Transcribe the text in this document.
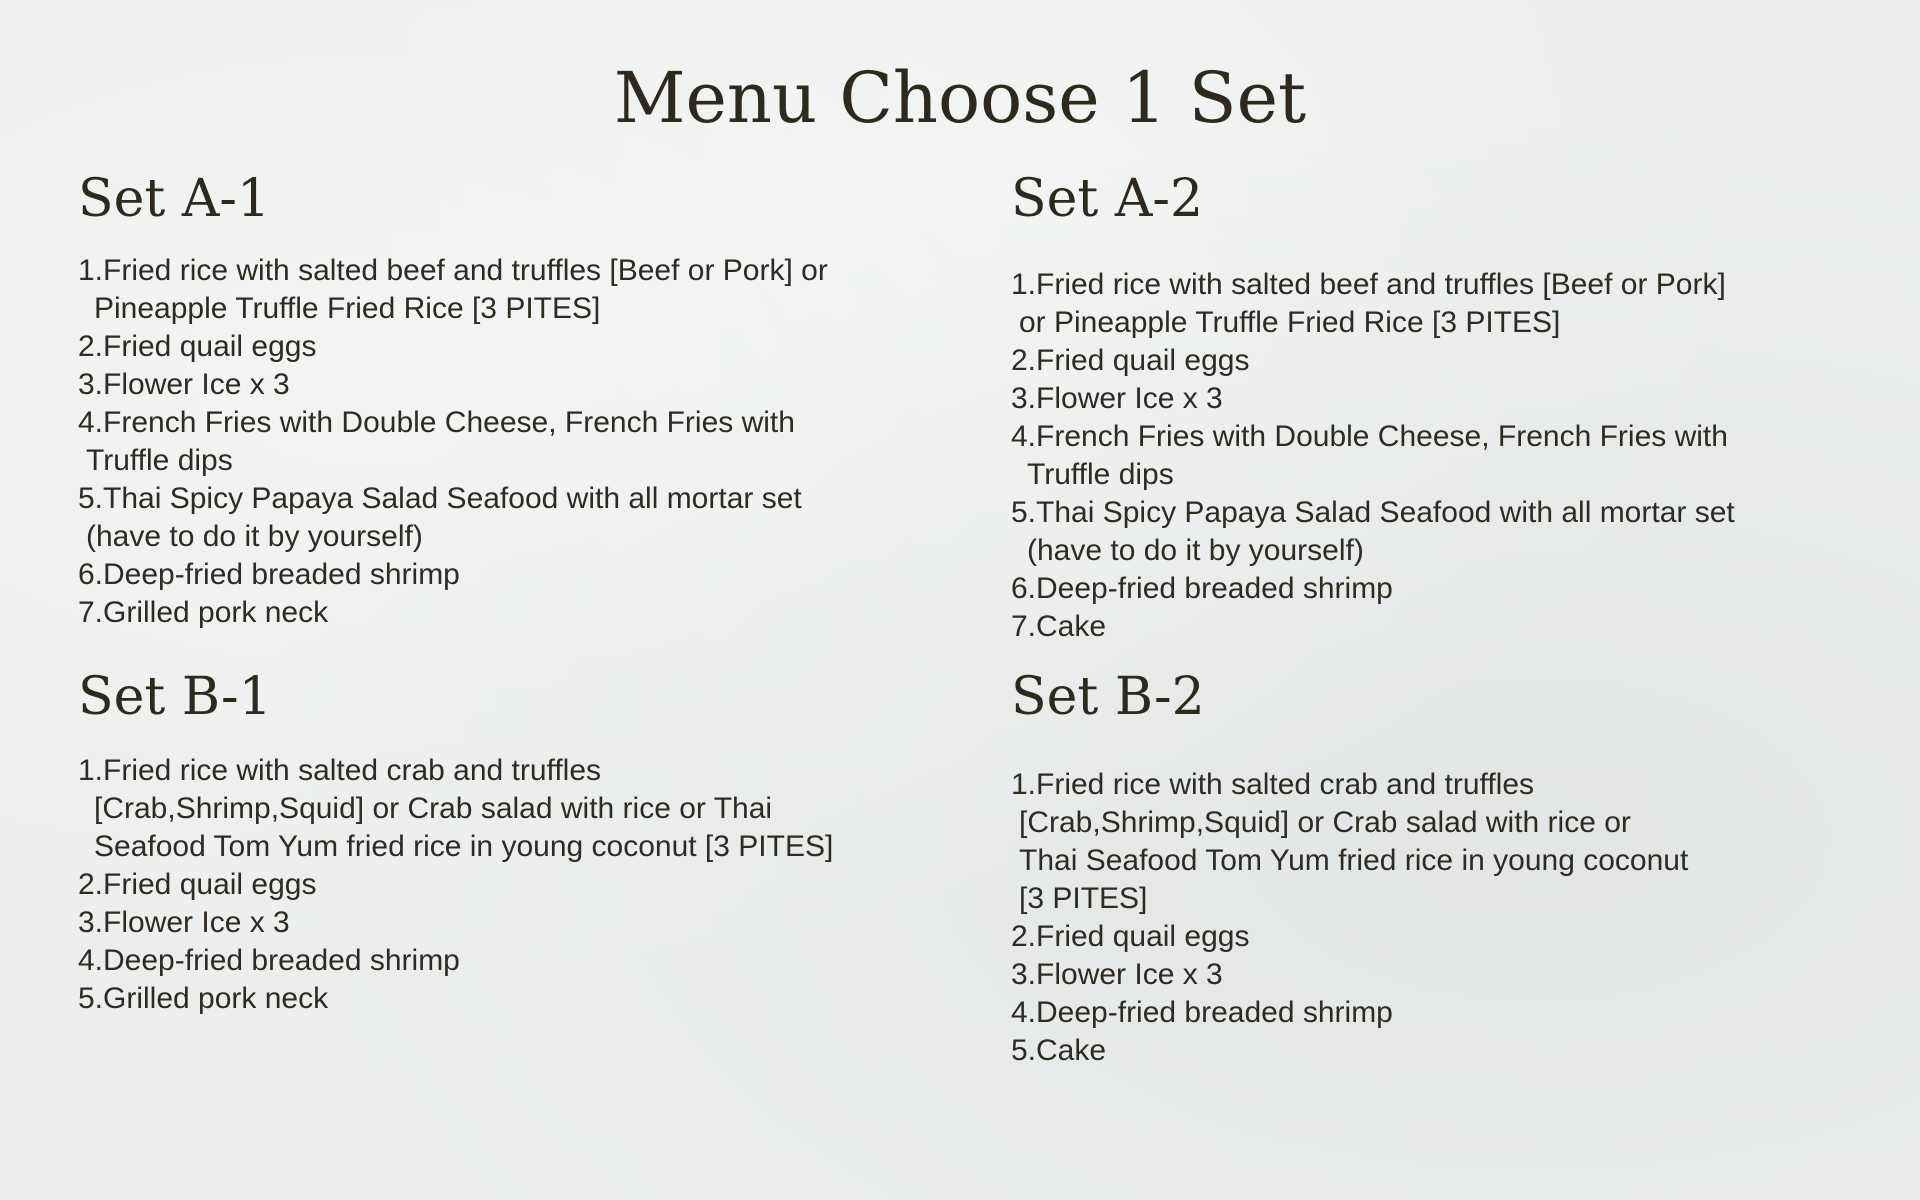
Menu Choose 1 Set
Set A-1
1.Fried rice with salted beef and truffles [Beef or Pork] or
Pineapple Truffle Fried Rice [3 PITES]
2.Fried quail eggs
3.Flower Ice x 3
4.French Fries with Double Cheese, French Fries with
Truffle dips
5.Thai Spicy Papaya Salad Seafood with all mortar set
(have to do it by yourself)
6.Deep-fried breaded shrimp
7.Grilled pork neck
Set A-2
1.Fried rice with salted beef and truffles [Beef or Pork]
or Pineapple Truffle Fried Rice [3 PITES]
2.Fried quail eggs
3.Flower Ice x 3
4.French Fries with Double Cheese, French Fries with
Truffle dips
5.Thai Spicy Papaya Salad Seafood with all mortar set
(have to do it by yourself)
6.Deep-fried breaded shrimp
7.Cake
Set B-1
1.Fried rice with salted crab and truffles
[Crab,Shrimp,Squid] or Crab salad with rice or Thai
Seafood Tom Yum fried rice in young coconut [3 PITES]
2.Fried quail eggs
3.Flower Ice x 3
4.Deep-fried breaded shrimp
5.Grilled pork neck
Set B-2
1.Fried rice with salted crab and truffles
[Crab,Shrimp,Squid] or Crab salad with rice or
Thai Seafood Tom Yum fried rice in young coconut
[3 PITES]
2.Fried quail eggs
3.Flower Ice x 3
4.Deep-fried breaded shrimp
5.Cake
